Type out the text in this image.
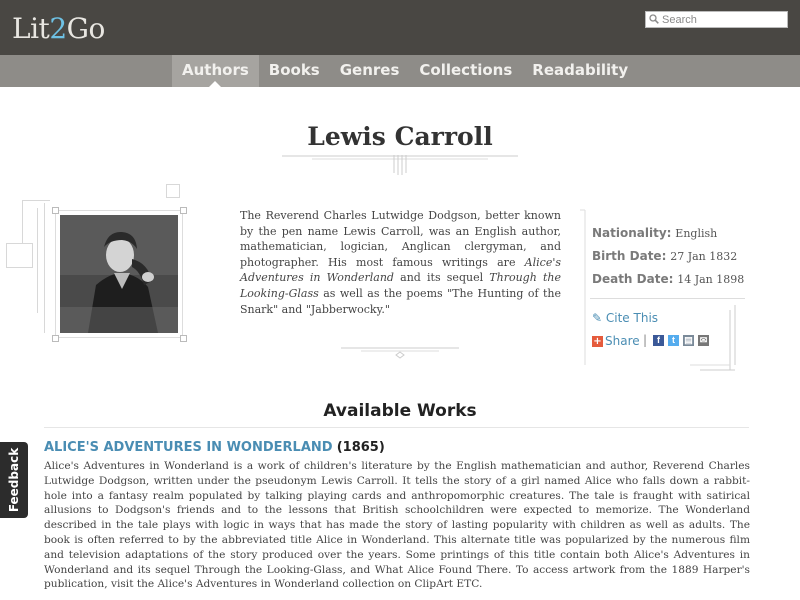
Lit2Go
Search
Authors	Books	Genres	Collections	Readability
Lewis Carroll

The Reverend Charles Lutwidge Dodgson, better known by the pen name Lewis Carroll, was an English author, mathematician, logician, Anglican clergyman, and photographer. His most famous writings are Alice's Adventures in Wonderland and its sequel Through the Looking-Glass as well as the poems "The Hunting of the Snark" and "Jabberwocky."

Nationality: English
Birth Date: 27 Jan 1832
Death Date: 14 Jan 1898
✎ Cite This
+ Share |	f	t	▤ ✉
Available Works
ALICE'S ADVENTURES IN WONDERLAND (1865)

Alice's Adventures in Wonderland is a work of children's literature by the English mathematician and author, Reverend Charles Lutwidge Dodgson, written under the pseudonym Lewis Carroll. It tells the story of a girl named Alice who falls down a rabbit-hole into a fantasy realm populated by talking playing cards and anthropomorphic creatures. The tale is fraught with satirical allusions to Dodgson's friends and to the lessons that British schoolchildren were expected to memorize. The Wonderland described in the tale plays with logic in ways that has made the story of lasting popularity with children as well as adults. The book is often referred to by the abbreviated title Alice in Wonderland. This alternate title was popularized by the numerous film and television adaptations of the story produced over the years. Some printings of this title contain both Alice's Adventures in Wonderland and its sequel Through the Looking-Glass, and What Alice Found There. To access artwork from the 1889 Harper's publication, visit the Alice's Adventures in Wonderland collection on ClipArt ETC.

Feedback
